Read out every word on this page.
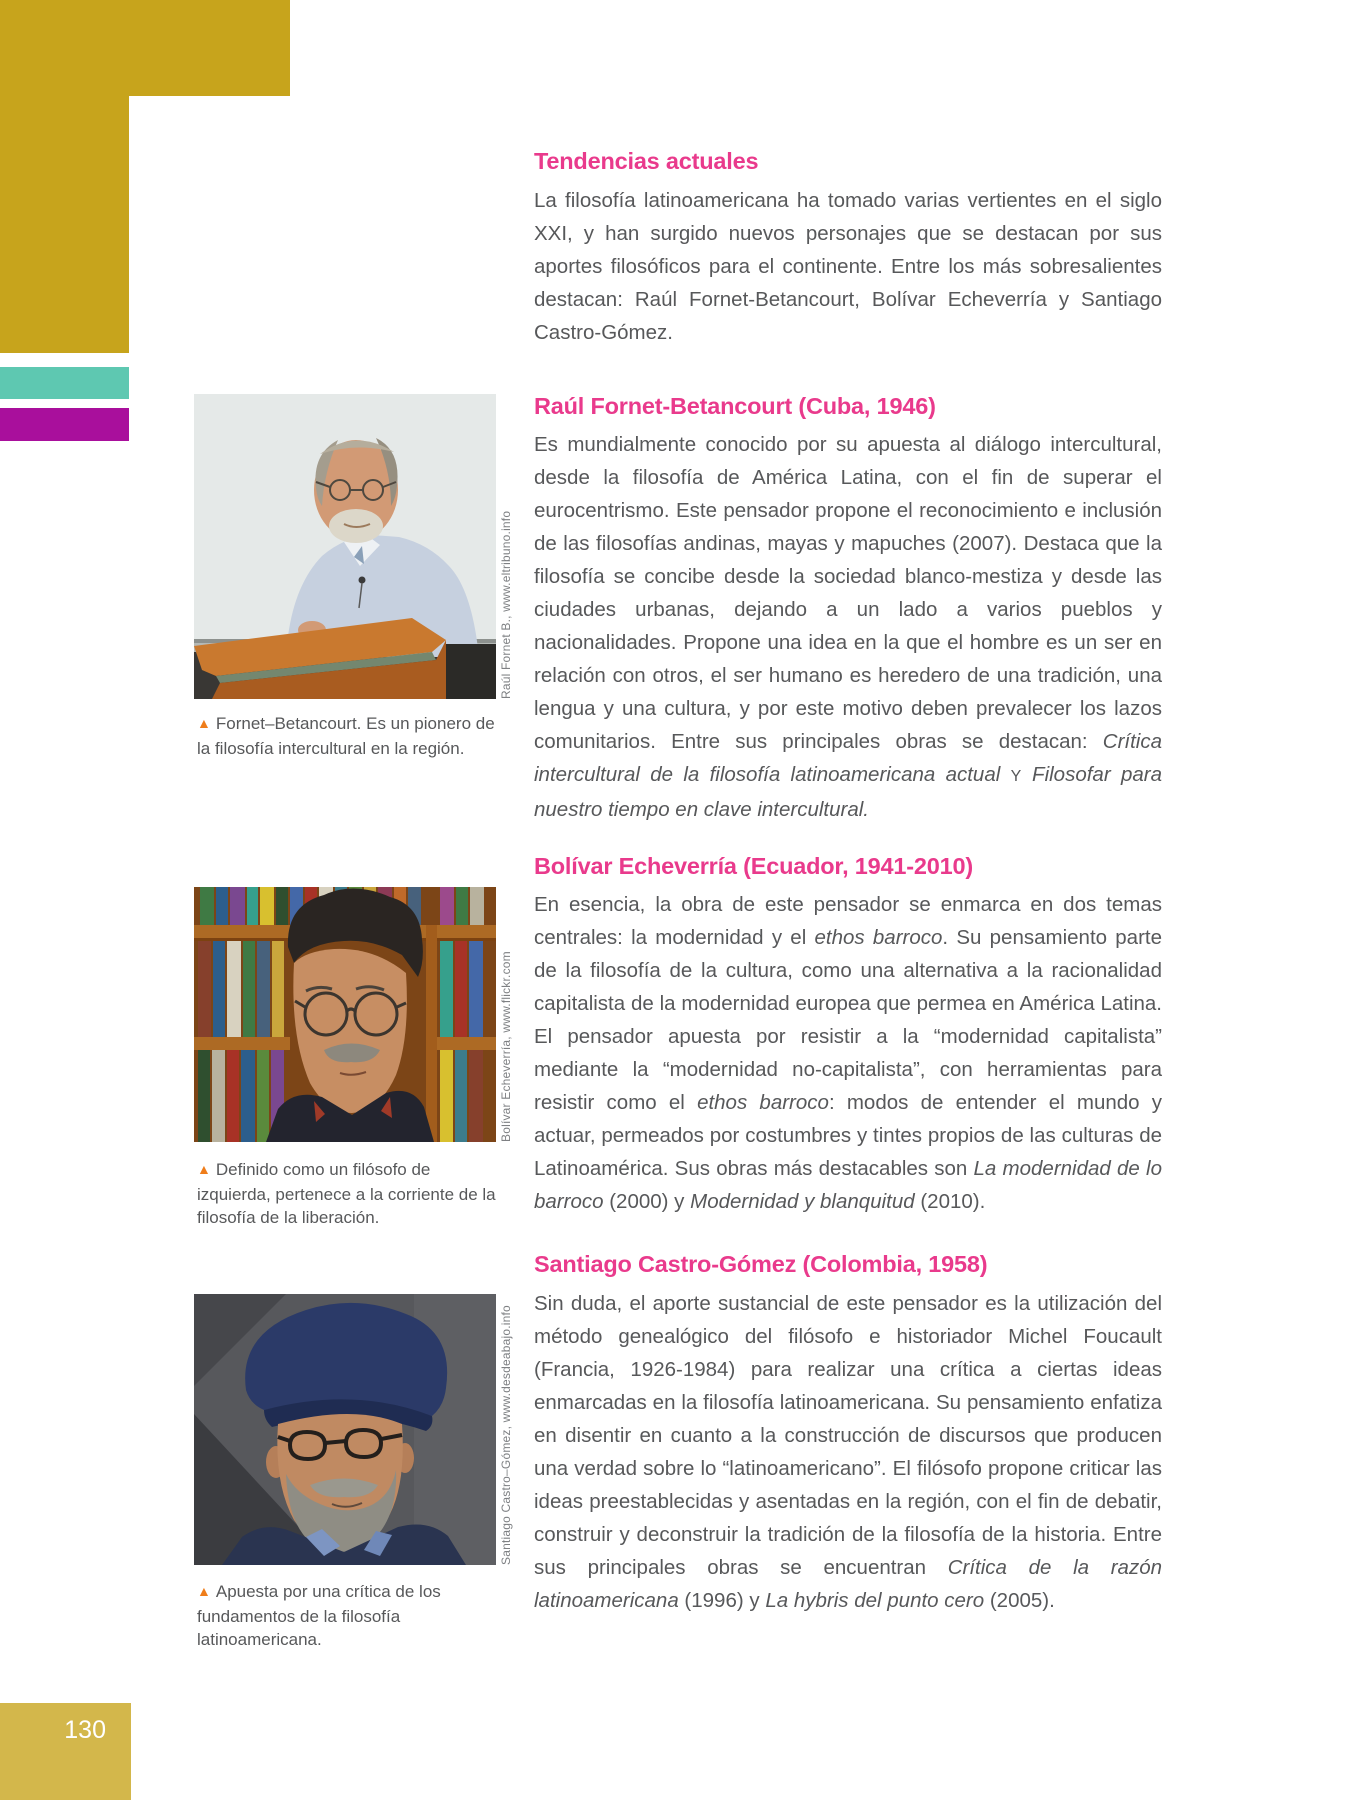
130
Tendencias actuales

La filosofía latinoamericana ha tomado varias vertientes en el siglo XXI, y han surgido nuevos personajes que se destacan por sus aportes filosóficos para el continente. Entre los más sobresalientes destacan: Raúl Fornet-Betancourt, Bolívar Echeverría y Santiago Castro-Gómez.

Raúl Fornet-Betancourt (Cuba, 1946)

Es mundialmente conocido por su apuesta al diálogo intercultural, desde la filosofía de América Latina, con el fin de superar el eurocentrismo. Este pensador propone el reconocimiento e inclusión de las filosofías andinas, mayas y mapuches (2007). Destaca que la filosofía se concibe desde la sociedad blanco-mestiza y desde las ciudades urbanas, dejando a un lado a varios pueblos y nacionalidades. Propone una idea en la que el hombre es un ser en relación con otros, el ser humano es heredero de una tradición, una lengua y una cultura, y por este motivo deben prevalecer los lazos comunitarios. Entre sus principales obras se destacan: Crítica intercultural de la filosofía latinoamericana actual Y Filosofar para nuestro tiempo en clave intercultural.

Raúl Fornet B., www.eltribuno.info
▲ Fornet–Betancourt. Es un pionero de la filosofía intercultural en la región.
Bolívar Echeverría (Ecuador, 1941-2010)

En esencia, la obra de este pensador se enmarca en dos temas centrales: la modernidad y el ethos barroco. Su pensamiento parte de la filosofía de la cultura, como una alternativa a la racionalidad capitalista de la modernidad europea que permea en América Latina. El pensador apuesta por resistir a la “modernidad capitalista” mediante la “modernidad no-capitalista”, con herramientas para resistir como el ethos barroco: modos de entender el mundo y actuar, permeados por costumbres y tintes propios de las culturas de Latinoamérica. Sus obras más destacables son La modernidad de lo barroco (2000) y Modernidad y blanquitud (2010).

Bolívar Echeverría, www.flickr.com
▲ Definido como un filósofo de izquierda, pertenece a la corriente de la filosofía de la liberación.
Santiago Castro-Gómez (Colombia, 1958)

Sin duda, el aporte sustancial de este pensador es la utilización del método genealógico del filósofo e historiador Michel Foucault (Francia, 1926-1984) para realizar una crítica a ciertas ideas enmarcadas en la filosofía latinoamericana. Su pensamiento enfatiza en disentir en cuanto a la construcción de discursos que producen una verdad sobre lo “latinoamericano”. El filósofo propone criticar las ideas preestablecidas y asentadas en la región, con el fin de debatir, construir y deconstruir la tradición de la filosofía de la historia. Entre sus principales obras se encuentran Crítica de la razón latinoamericana (1996) y La hybris del punto cero (2005).

Santiago Castro–Gómez, www.desdeabajo.info
▲ Apuesta por una crítica de los fundamentos de la filosofía latinoamericana.
